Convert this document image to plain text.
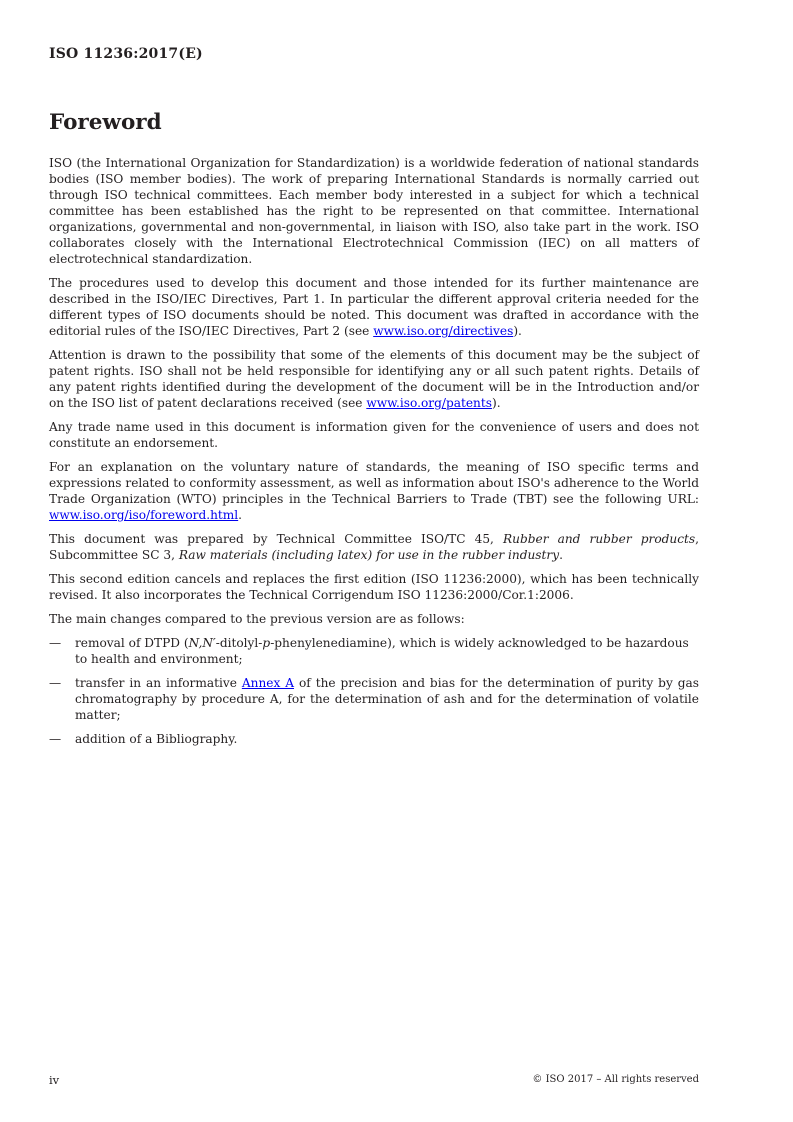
ISO 11236:2017(E)
Foreword

ISO (the International Organization for Standardization) is a worldwide federation of national standards bodies (ISO member bodies). The work of preparing International Standards is normally carried out through ISO technical committees. Each member body interested in a subject for which a technical committee has been established has the right to be represented on that committee. International organizations, governmental and non-governmental, in liaison with ISO, also take part in the work. ISO collaborates closely with the International Electrotechnical Commission (IEC) on all matters of electrotechnical standardization.

The procedures used to develop this document and those intended for its further maintenance are described in the ISO/IEC Directives, Part 1. In particular the different approval criteria needed for the different types of ISO documents should be noted. This document was drafted in accordance with the editorial rules of the ISO/IEC Directives, Part 2 (see www.iso.org/directives).

Attention is drawn to the possibility that some of the elements of this document may be the subject of patent rights. ISO shall not be held responsible for identifying any or all such patent rights. Details of any patent rights identified during the development of the document will be in the Introduction and/or on the ISO list of patent declarations received (see www.iso.org/patents).

Any trade name used in this document is information given for the convenience of users and does not constitute an endorsement.

For an explanation on the voluntary nature of standards, the meaning of ISO specific terms and expressions related to conformity assessment, as well as information about ISO's adherence to the World Trade Organization (WTO) principles in the Technical Barriers to Trade (TBT) see the following URL: www.iso.org/iso/foreword.html.

This document was prepared by Technical Committee ISO/TC 45, Rubber and rubber products, Subcommittee SC 3, Raw materials (including latex) for use in the rubber industry.

This second edition cancels and replaces the first edition (ISO 11236:2000), which has been technically revised. It also incorporates the Technical Corrigendum ISO 11236:2000/Cor.1:2006.

The main changes compared to the previous version are as follows:

—	removal of DTPD (N,N′-ditolyl-p-phenylenediamine), which is widely acknowledged to be hazardous to health and environment;
—	transfer in an informative Annex A of the precision and bias for the determination of purity by gas chromatography by procedure A, for the determination of ash and for the determination of volatile matter;
—	addition of a Bibliography.
iv	© ISO 2017 – All rights reserved
